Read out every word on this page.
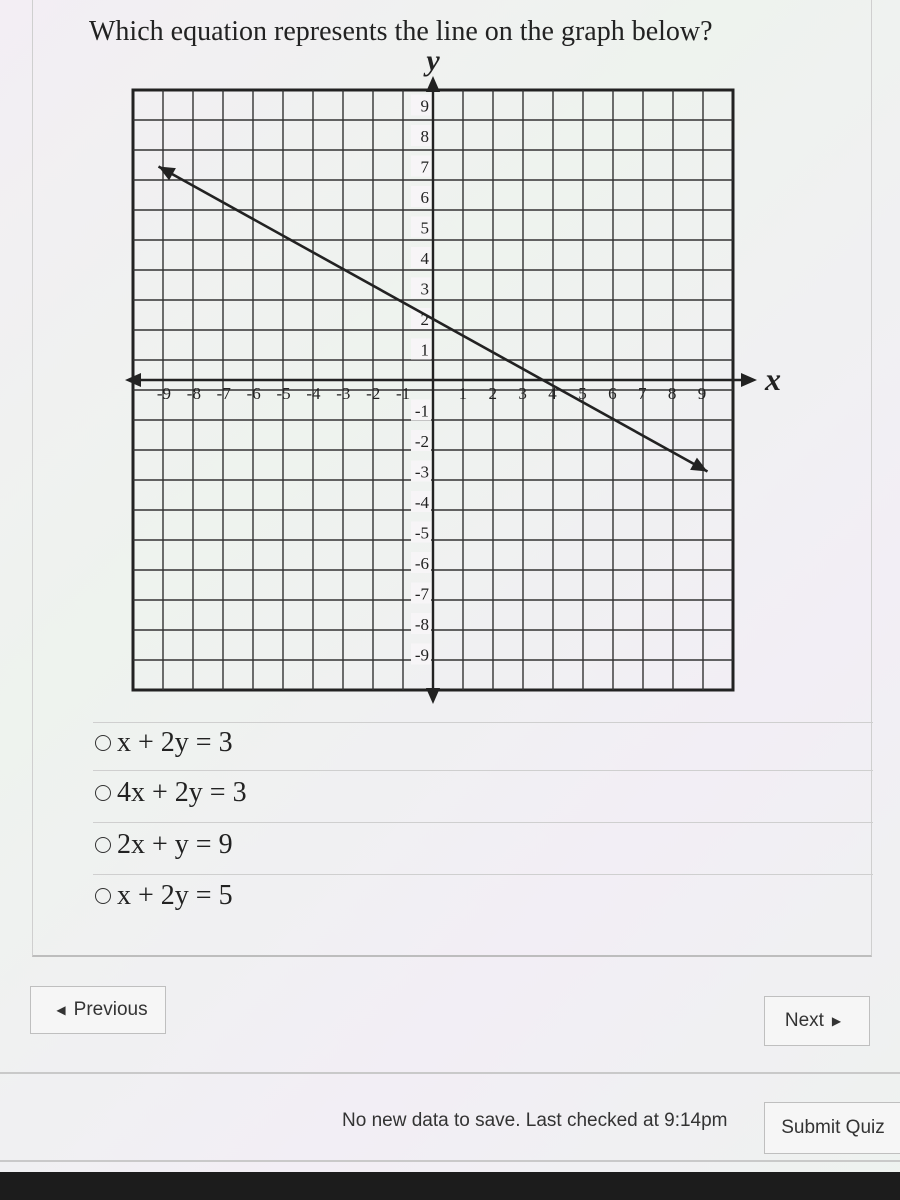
Which equation represents the line on the graph below?
y
x
-9 -8 -7 -6 -5 -4 -3 -2 -1	1 2 3 4 5 6 7 8 9
9
8
7
6
5
4
3
2
1
-1
-2
-3
-4
-5
-6
-7
-8
-9
x + 2y = 3
4x + 2y = 3
2x + y = 9
x + 2y = 5
◀ Previous
Next ▶
No new data to save. Last checked at 9:14pm	Submit Quiz
